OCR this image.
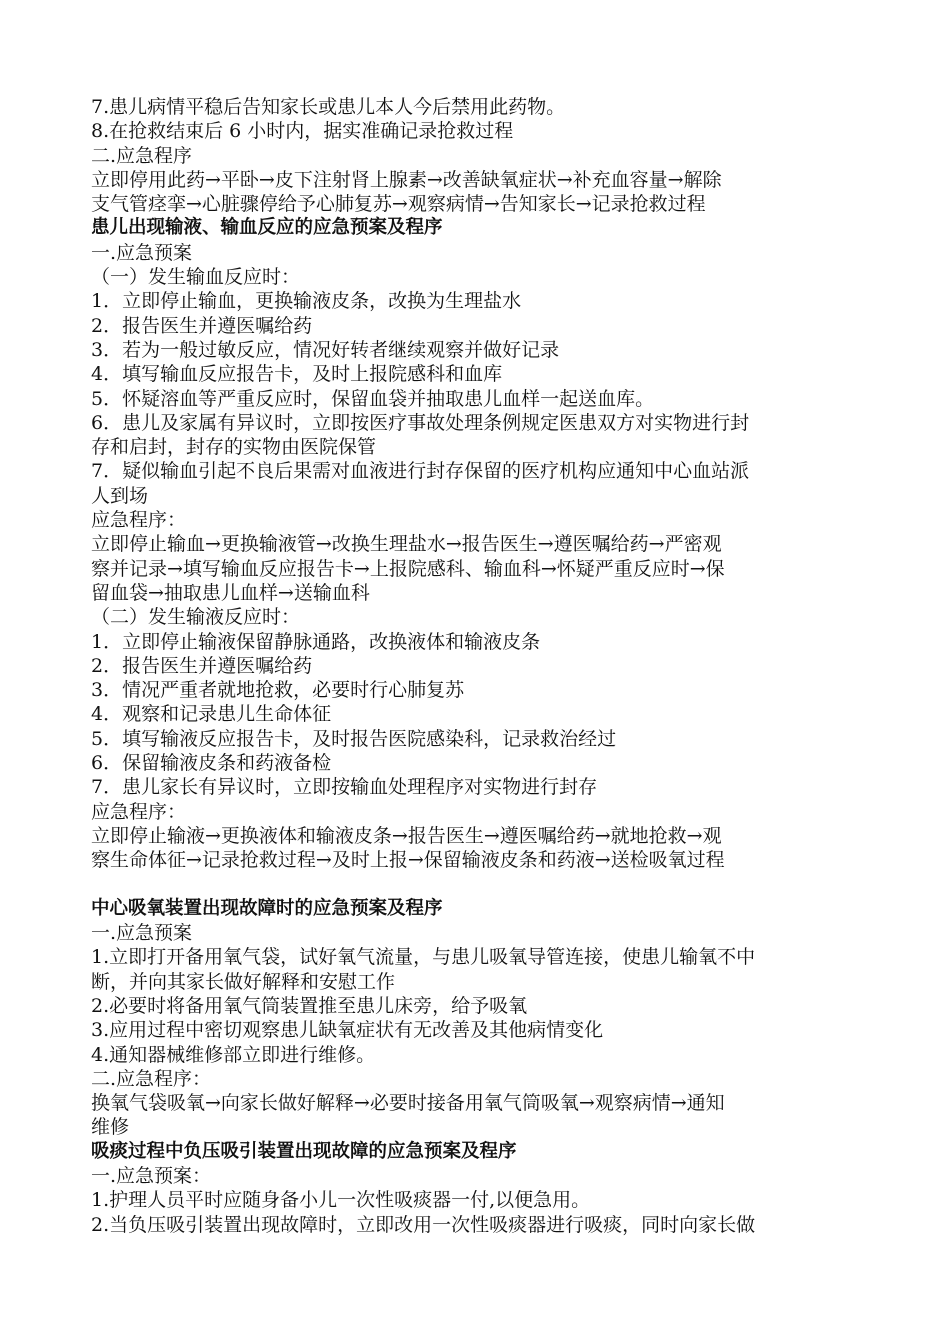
7.患儿病情平稳后告知家长或患儿本人今后禁用此药物。

8.在抢救结束后 6 小时内，据实准确记录抢救过程

二.应急程序

立即停用此药→平卧→皮下注射肾上腺素→改善缺氧症状→补充血容量→解除

支气管痉挛→心脏骤停给予心肺复苏→观察病情→告知家长→记录抢救过程

患儿出现输液、输血反应的应急预案及程序

一.应急预案

（一）发生输血反应时：

1．立即停止输血，更换输液皮条，改换为生理盐水

2．报告医生并遵医嘱给药

3．若为一般过敏反应，情况好转者继续观察并做好记录

4．填写输血反应报告卡，及时上报院感科和血库

5．怀疑溶血等严重反应时，保留血袋并抽取患儿血样一起送血库。

6．患儿及家属有异议时，立即按医疗事故处理条例规定医患双方对实物进行封

存和启封，封存的实物由医院保管

7．疑似输血引起不良后果需对血液进行封存保留的医疗机构应通知中心血站派

人到场

应急程序：

立即停止输血→更换输液管→改换生理盐水→报告医生→遵医嘱给药→严密观

察并记录→填写输血反应报告卡→上报院感科、输血科→怀疑严重反应时→保

留血袋→抽取患儿血样→送输血科

（二）发生输液反应时：

1．立即停止输液保留静脉通路，改换液体和输液皮条

2．报告医生并遵医嘱给药

3．情况严重者就地抢救，必要时行心肺复苏

4．观察和记录患儿生命体征

5．填写输液反应报告卡，及时报告医院感染科，记录救治经过

6．保留输液皮条和药液备检

7．患儿家长有异议时，立即按输血处理程序对实物进行封存

应急程序：

立即停止输液→更换液体和输液皮条→报告医生→遵医嘱给药→就地抢救→观

察生命体征→记录抢救过程→及时上报→保留输液皮条和药液→送检吸氧过程

中心吸氧装置出现故障时的应急预案及程序

一.应急预案

1.立即打开备用氧气袋，试好氧气流量，与患儿吸氧导管连接，使患儿输氧不中

断，并向其家长做好解释和安慰工作

2.必要时将备用氧气筒装置推至患儿床旁，给予吸氧

3.应用过程中密切观察患儿缺氧症状有无改善及其他病情变化

4.通知器械维修部立即进行维修。

二.应急程序：

换氧气袋吸氧→向家长做好解释→必要时接备用氧气筒吸氧→观察病情→通知

维修

吸痰过程中负压吸引装置出现故障的应急预案及程序

一.应急预案：

1.护理人员平时应随身备小儿一次性吸痰器一付,以便急用。

2.当负压吸引装置出现故障时，立即改用一次性吸痰器进行吸痰，同时向家长做
